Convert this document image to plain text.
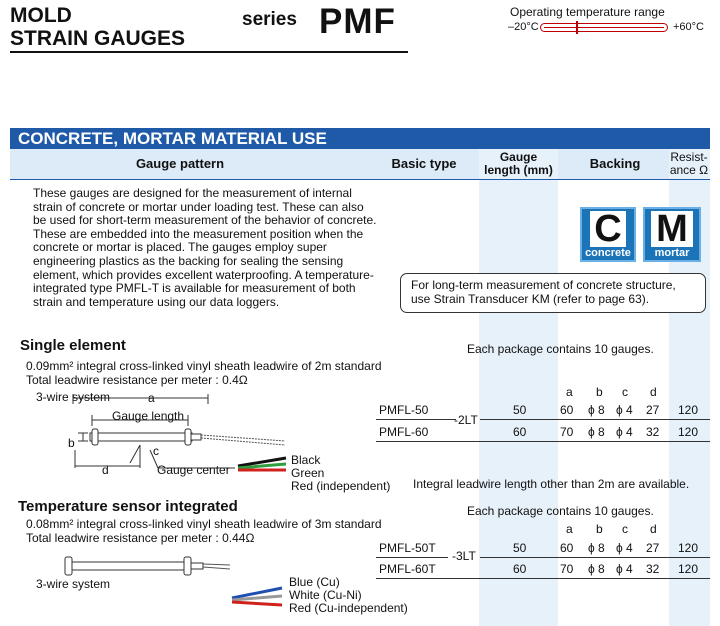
MOLD
STRAIN GAUGES
series PMF	Operating temperature range
–20°C	+60°C
CONCRETE, MORTAR MATERIAL USE
Gauge pattern	Basic type	Gauge
length (mm)	Backing	Resist-
ance Ω
These gauges are designed for the measurement of internal strain of concrete or mortar under loading test. These can also be used for short-term measurement of the behavior of concrete. These are embedded into the measurement position when the concrete or mortar is placed. The gauges employ super engineering plastics as the backing for sealing the sensing element, which provides excellent waterproofing. A temperature-integrated type PMFL-T is available for measurement of both strain and temperature using our data loggers.
C
concrete
M
mortar
For long-term measurement of concrete structure, use Strain Transducer KM (refer to page 63).
Single element
0.09mm² integral cross-linked vinyl sheath leadwire of 2m standard
Total leadwire resistance per meter : 0.4Ω
Each package contains 10 gauges.
3-wire system	a
Gauge length
b
c
d	Gauge center
Black
Green
Red (independent)
a b c d
PMFL-50	50	60 ϕ 8 ϕ 4 27 120
-2LT
PMFL-60	60	70 ϕ 8 ϕ 4 32 120
Integral leadwire length other than 2m are available.
Temperature sensor integrated
0.08mm² integral cross-linked vinyl sheath leadwire of 3m standard
Total leadwire resistance per meter : 0.44Ω
Each package contains 10 gauges.
3-wire system	Blue (Cu)
White (Cu-Ni)
Red (Cu-independent)
a b c d
PMFL-50T	50	60 ϕ 8 ϕ 4 27 120
-3LT
PMFL-60T	60	70 ϕ 8 ϕ 4 32 120
